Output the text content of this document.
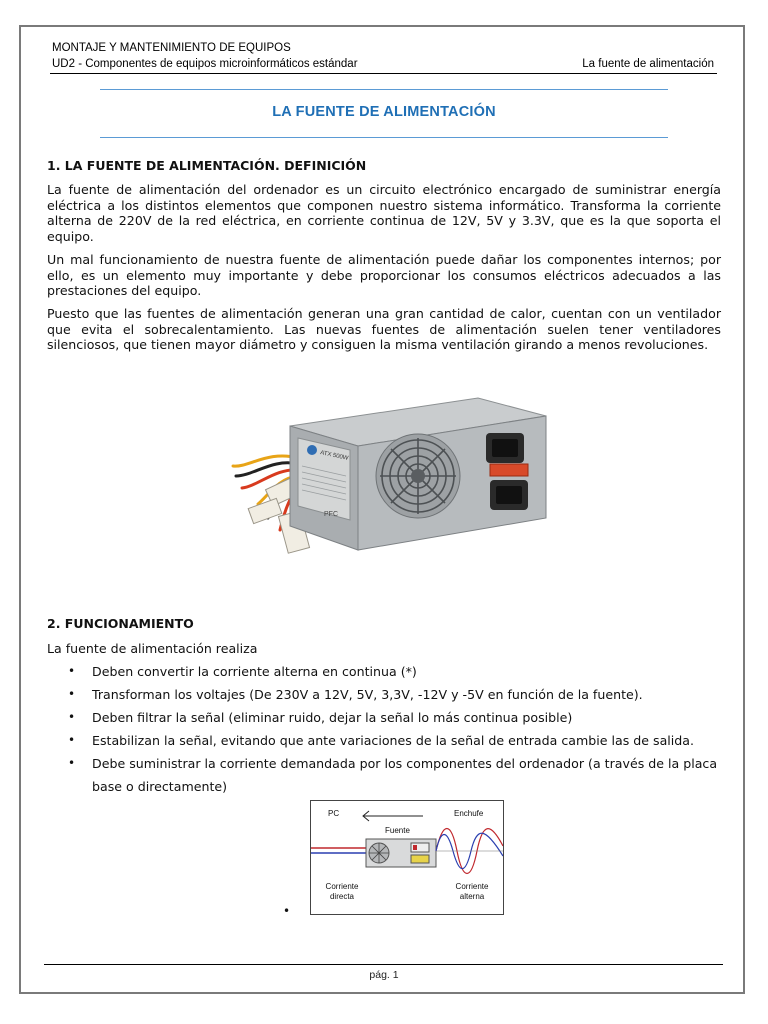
MONTAJE Y MANTENIMIENTO DE EQUIPOS
UD2 - Componentes de equipos microinformáticos estándar	La fuente de alimentación
LA FUENTE DE ALIMENTACIÓN
1. LA FUENTE DE ALIMENTACIÓN. DEFINICIÓN

La fuente de alimentación del ordenador es un circuito electrónico encargado de suministrar energía eléctrica a los distintos elementos que componen nuestro sistema informático. Transforma la corriente alterna de 220V de la red eléctrica, en corriente continua de 12V, 5V y 3.3V, que es la que soporta el equipo.

Un mal funcionamiento de nuestra fuente de alimentación puede dañar los componentes internos; por ello, es un elemento muy importante y debe proporcionar los consumos eléctricos adecuados a las prestaciones del equipo.

Puesto que las fuentes de alimentación generan una gran cantidad de calor, cuentan con un ventilador que evita el sobrecalentamiento. Las nuevas fuentes de alimentación suelen tener ventiladores silenciosos, que tienen mayor diámetro y consiguen la misma ventilación girando a menos revoluciones.

ATX 500W
PFC
2. FUNCIONAMIENTO
La fuente de alimentación realiza
• Deben convertir la corriente alterna en continua (*)
• Transforman los voltajes (De 230V a 12V, 5V, 3,3V, -12V y -5V en función de la fuente).
• Deben filtrar la señal (eliminar ruido, dejar la señal lo más continua posible)
• Estabilizan la señal, evitando que ante variaciones de la señal de entrada cambie las de salida.
• Debe suministrar la corriente demandada por los componentes del ordenador (a través de la placa base o directamente)
PC	Enchufe
Fuente
Corriente
directa
Corriente
alterna
•
pág. 1
